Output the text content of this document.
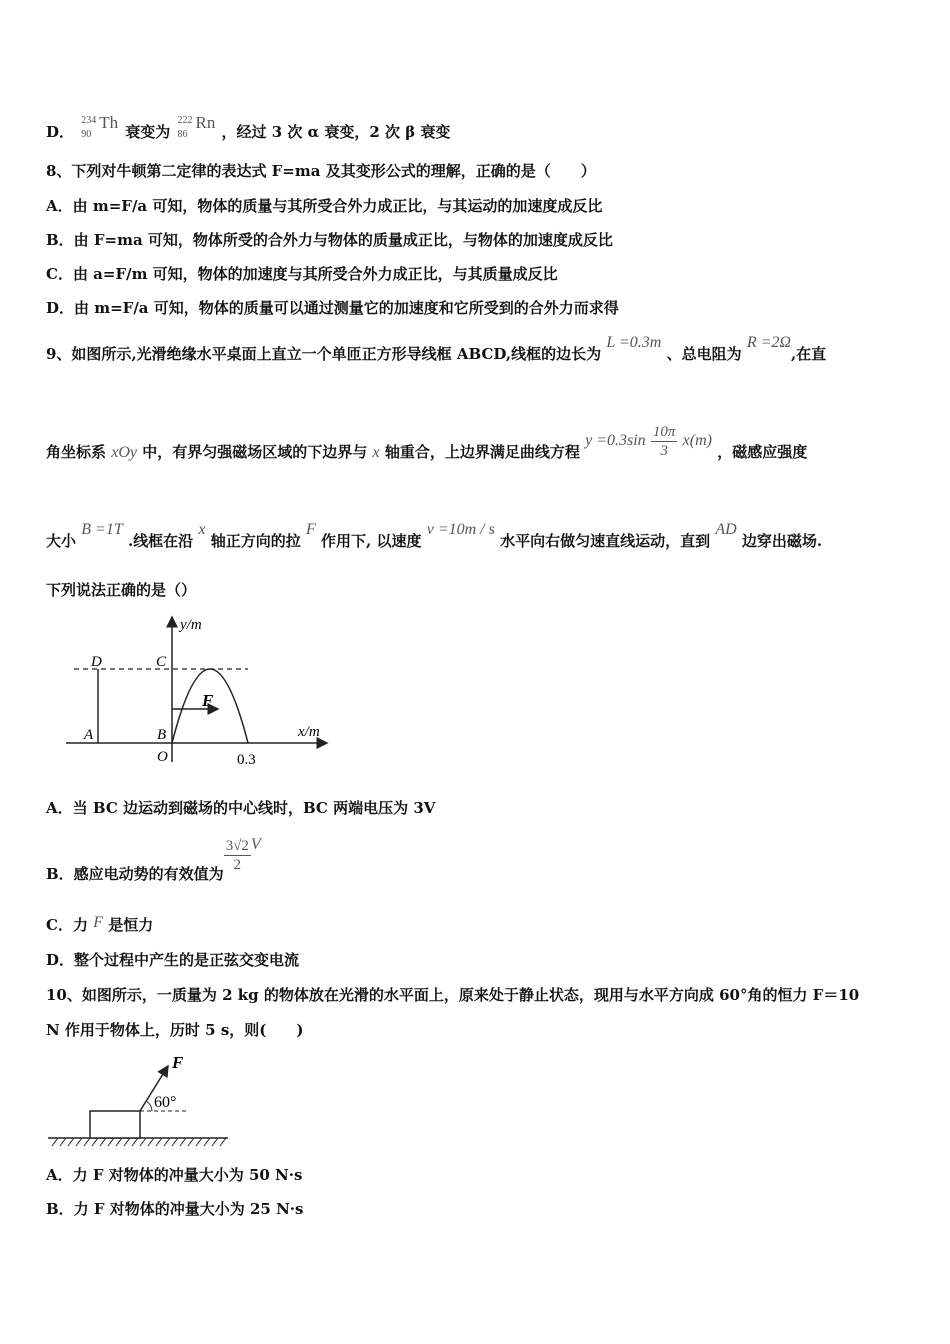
D．
234
90
Th 衰变为
222
86
Rn ，经过 3 次 α 衰变，2 次 β 衰变
8、下列对牛顿第二定律的表达式 F=ma 及其变形公式的理解，正确的是（　　）
A．由 m=F/a 可知，物体的质量与其所受合外力成正比，与其运动的加速度成反比
B．由 F=ma 可知，物体所受的合外力与物体的质量成正比，与物体的加速度成反比
C．由 a=F/m 可知，物体的加速度与其所受合外力成正比，与其质量成反比
D．由 m=F/a 可知，物体的质量可以通过测量它的加速度和它所受到的合外力而求得
9、如图所示,光滑绝缘水平桌面上直立一个单匝正方形导线框 ABCD,线框的边长为 L =0.3m 、总电阻为 R =2Ω,在直
角坐标系 xOy 中，有界匀强磁场区域的下边界与 x 轴重合，上边界满足曲线方程 $y =0.3\sin \frac{10\pi}{3} x(m)$ ，磁感应强度
大小 B =1T .线框在沿 x 轴正方向的拉 F 作用下, 以速度 v =10m / s 水平向右做匀速直线运动，直到 AD 边穿出磁场.
下列说法正确的是（）
F
y/m
x/m
D	C
A	B
O	0.3
A．当 BC 边运动到磁场的中心线时，BC 两端电压为 3V
B．感应电动势的有效值为 $\frac{3√2}{2}$ V
C．力 F 是恒力
D．整个过程中产生的是正弦交变电流
10、如图所示，一质量为 2 kg 的物体放在光滑的水平面上，原来处于静止状态，现用与水平方向成 60°角的恒力 F＝10
N 作用于物体上，历时 5 s，则(　　)
F
60°
A．力 F 对物体的冲量大小为 50 N·s
B．力 F 对物体的冲量大小为 25 N·s
